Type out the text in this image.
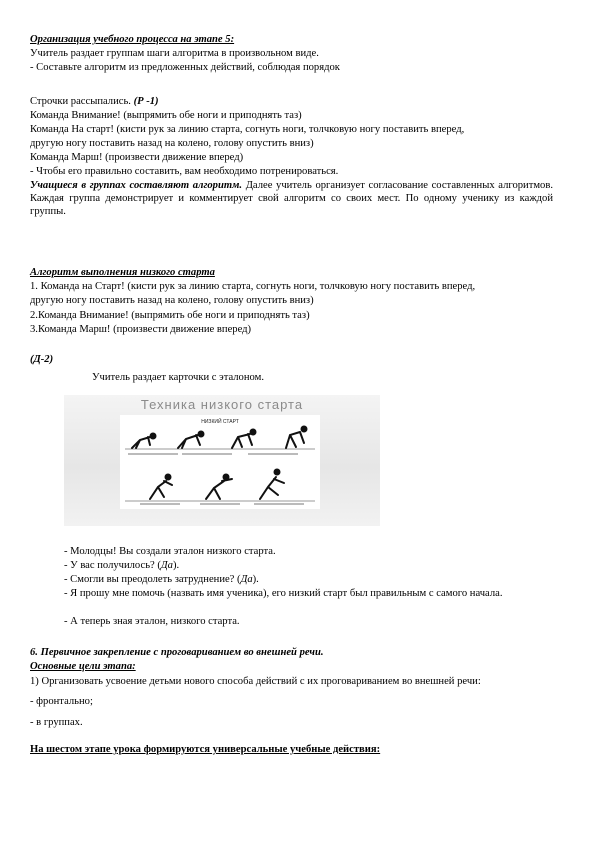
Организация учебного процесса на этапе 5:
Учитель раздает группам шаги алгоритма в произвольном виде.
- Составьте алгоритм из предложенных действий, соблюдая порядок
Строчки рассыпались. (Р -1)
Команда Внимание! (выпрямить обе ноги и приподнять таз)
Команда На старт! (кисти рук за линию старта, согнуть ноги, толчковую ногу поставить вперед,
другую ногу поставить назад на колено, голову опустить вниз)
Команда Марш! (произвести движение вперед)
- Чтобы его правильно составить, вам необходимо потренироваться.
Учащиеся в группах составляют алгоритм. Далее учитель организует согласование составленных алгоритмов. Каждая группа демонстрирует и комментирует свой алгоритм со своих мест. По одному ученику из каждой группы.
Алгоритм выполнения низкого старта
1. Команда на Старт! (кисти рук за линию старта, согнуть ноги, толчковую ногу поставить вперед,
другую ногу поставить назад на колено, голову опустить вниз)
2.Команда Внимание! (выпрямить обе ноги и приподнять таз)
3.Команда Марш! (произвести движение вперед)
(Д-2)
Учитель раздает карточки с эталоном.
Техника низкого старта
НИЗКИЙ СТАРТ
- Молодцы! Вы создали эталон низкого старта.
- У вас получилось? (Да).
- Смогли вы преодолеть затруднение? (Да).
- Я прошу мне помочь (назвать имя ученика), его низкий старт был правильным с самого начала.
- А теперь зная эталон, низкого старта.
6. Первичное закрепление с проговариванием во внешней речи.
Основные цели этапа:
1) Организовать усвоение детьми нового способа действий с их проговариванием во внешней речи:
- фронтально;
- в группах.
На шестом этапе урока формируются универсальные учебные действия:
